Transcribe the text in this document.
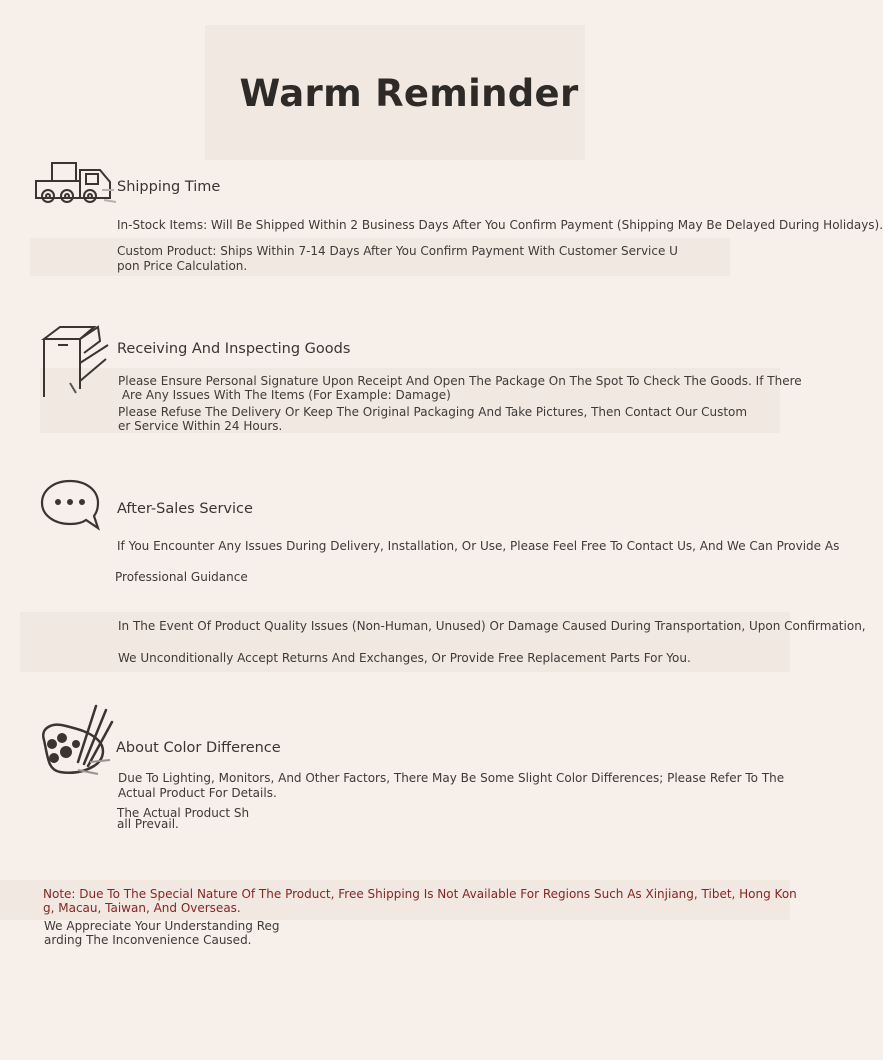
Warm Reminder
Shipping Time
In-Stock Items: Will Be Shipped Within 2 Business Days After You Confirm Payment (Shipping May Be Delayed During Holidays).
Custom Product: Ships Within 7-14 Days After You Confirm Payment With Customer Service U
pon Price Calculation.
Receiving And Inspecting Goods
Please Ensure Personal Signature Upon Receipt And Open The Package On The Spot To Check The Goods. If There
Are Any Issues With The Items (For Example: Damage)
Please Refuse The Delivery Or Keep The Original Packaging And Take Pictures, Then Contact Our Custom
er Service Within 24 Hours.
After-Sales Service
If You Encounter Any Issues During Delivery, Installation, Or Use, Please Feel Free To Contact Us, And We Can Provide As
Professional Guidance
In The Event Of Product Quality Issues (Non-Human, Unused) Or Damage Caused During Transportation, Upon Confirmation,
We Unconditionally Accept Returns And Exchanges, Or Provide Free Replacement Parts For You.
About Color Difference
Due To Lighting, Monitors, And Other Factors, There May Be Some Slight Color Differences; Please Refer To The
Actual Product For Details.
The Actual Product Sh
all Prevail.
Note: Due To The Special Nature Of The Product, Free Shipping Is Not Available For Regions Such As Xinjiang, Tibet, Hong Kon
g, Macau, Taiwan, And Overseas.
We Appreciate Your Understanding Reg
arding The Inconvenience Caused.
